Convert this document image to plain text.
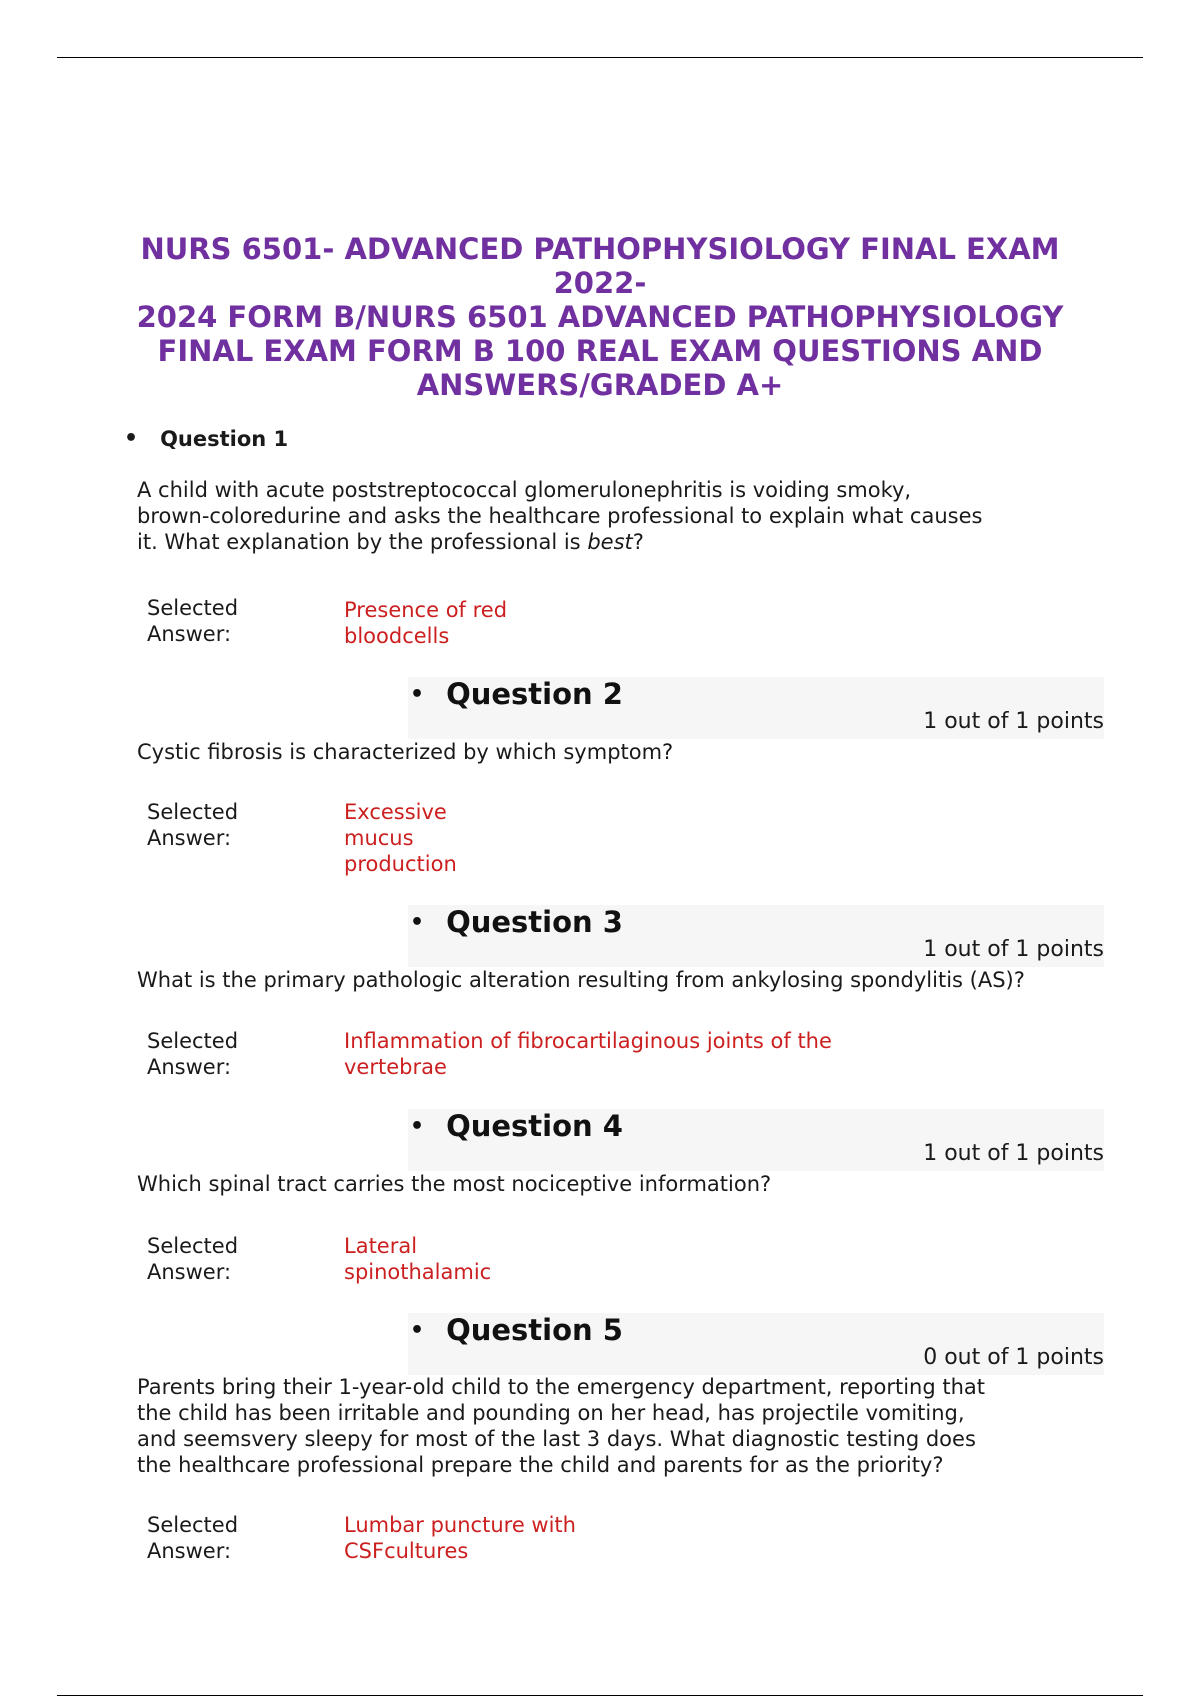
NURS 6501- ADVANCED PATHOPHYSIOLOGY FINAL EXAM 2022-
2024 FORM B/NURS 6501 ADVANCED PATHOPHYSIOLOGY
FINAL EXAM FORM B 100 REAL EXAM QUESTIONS AND
ANSWERS/GRADED A+
• Question 1

A child with acute poststreptococcal glomerulonephritis is voiding smoky,
brown-coloredurine and asks the healthcare professional to explain what causes
it. What explanation by the professional is best?

Selected
Answer:
Presence of red
bloodcells
• Question 2
1 out of 1 points

Cystic fibrosis is characterized by which symptom?

Selected
Answer:
Excessive
mucus
production
• Question 3
1 out of 1 points

What is the primary pathologic alteration resulting from ankylosing spondylitis (AS)?

Selected
Answer:
Inflammation of fibrocartilaginous joints of the
vertebrae
• Question 4
1 out of 1 points

Which spinal tract carries the most nociceptive information?

Selected
Answer:
Lateral
spinothalamic
• Question 5
0 out of 1 points

Parents bring their 1-year-old child to the emergency department, reporting that
the child has been irritable and pounding on her head, has projectile vomiting,
and seemsvery sleepy for most of the last 3 days. What diagnostic testing does
the healthcare professional prepare the child and parents for as the priority?

Selected
Answer:
Lumbar puncture with
CSFcultures
